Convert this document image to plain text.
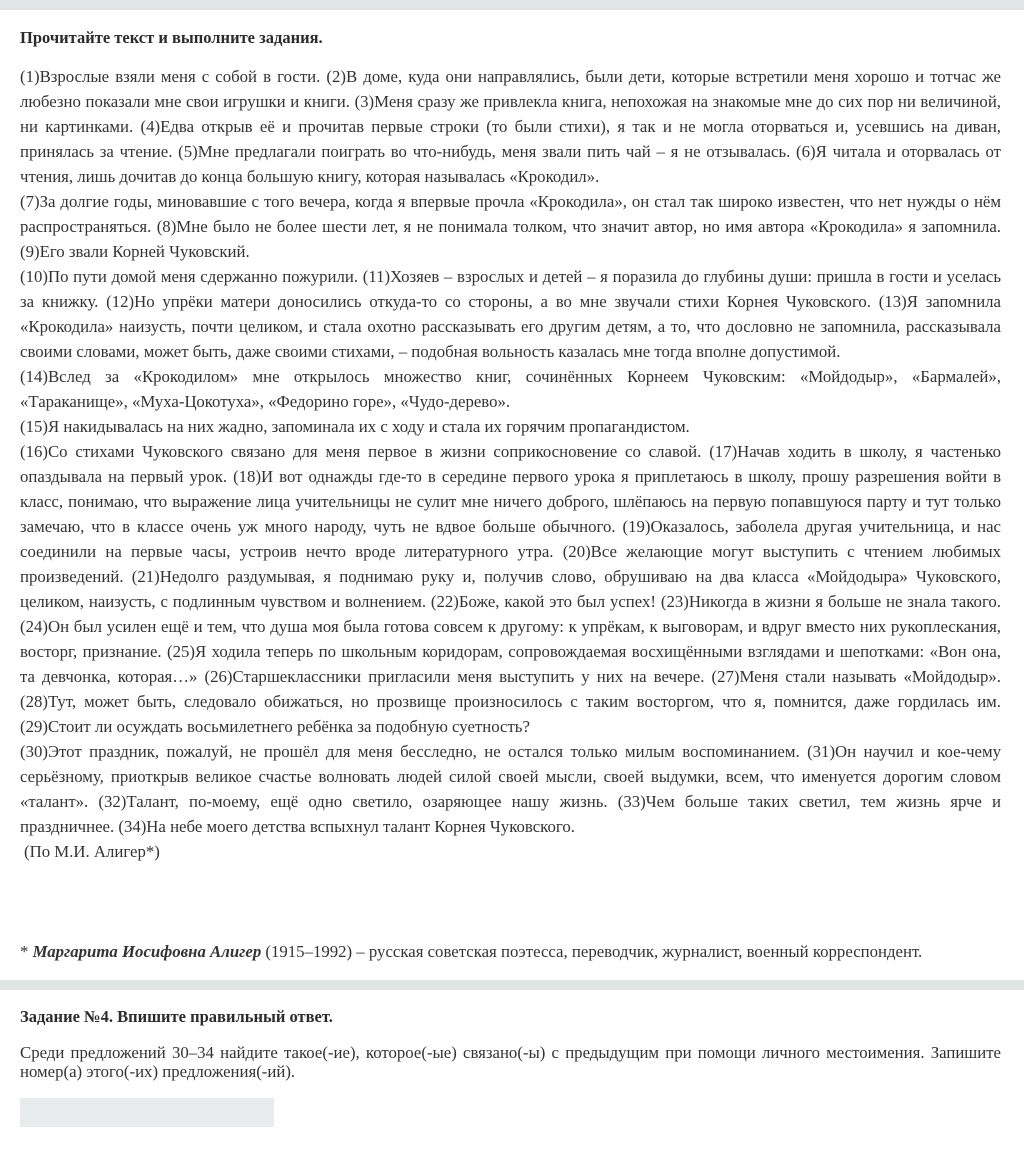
Прочитайте текст и выполните задания.

(1)Взрослые взяли меня с собой в гости. (2)В доме, куда они направлялись, были дети, которые встретили меня хорошо и тотчас же любезно показали мне свои игрушки и книги. (3)Меня сразу же привлекла книга, непохожая на знакомые мне до сих пор ни величиной, ни картинками. (4)Едва открыв её и прочитав первые строки (то были стихи), я так и не могла оторваться и, усевшись на диван, принялась за чтение. (5)Мне предлагали поиграть во что-нибудь, меня звали пить чай – я не отзывалась. (6)Я читала и оторвалась от чтения, лишь дочитав до конца большую книгу, которая называлась «Крокодил».

(7)За долгие годы, миновавшие с того вечера, когда я впервые прочла «Крокодила», он стал так широко известен, что нет нужды о нём распространяться. (8)Мне было не более шести лет, я не понимала толком, что значит автор, но имя автора «Крокодила» я запомнила. (9)Его звали Корней Чуковский.

(10)По пути домой меня сдержанно пожурили. (11)Хозяев – взрослых и детей – я поразила до глубины души: пришла в гости и уселась за книжку. (12)Но упрёки матери доносились откуда-то со стороны, а во мне звучали стихи Корнея Чуковского. (13)Я запомнила «Крокодила» наизусть, почти целиком, и стала охотно рассказывать его другим детям, а то, что дословно не запомнила, рассказывала своими словами, может быть, даже своими стихами, – подобная вольность казалась мне тогда вполне допустимой.

(14)Вслед за «Крокодилом» мне открылось множество книг, сочинённых Корнеем Чуковским: «Мойдодыр», «Бармалей», «Тараканище», «Муха-Цокотуха», «Федорино горе», «Чудо-дерево».

(15)Я накидывалась на них жадно, запоминала их с ходу и стала их горячим пропагандистом.

(16)Со стихами Чуковского связано для меня первое в жизни соприкосновение со славой. (17)Начав ходить в школу, я частенько опаздывала на первый урок. (18)И вот однажды где-то в середине первого урока я приплетаюсь в школу, прошу разрешения войти в класс, понимаю, что выражение лица учительницы не сулит мне ничего доброго, шлёпаюсь на первую попавшуюся парту и тут только замечаю, что в классе очень уж много народу, чуть не вдвое больше обычного. (19)Оказалось, заболела другая учительница, и нас соединили на первые часы, устроив нечто вроде литературного утра. (20)Все желающие могут выступить с чтением любимых произведений. (21)Недолго раздумывая, я поднимаю руку и, получив слово, обрушиваю на два класса «Мойдодыра» Чуковского, целиком, наизусть, с подлинным чувством и волнением. (22)Боже, какой это был успех! (23)Никогда в жизни я больше не знала такого. (24)Он был усилен ещё и тем, что душа моя была готова совсем к другому: к упрёкам, к выговорам, и вдруг вместо них рукоплескания, восторг, признание. (25)Я ходила теперь по школьным коридорам, сопровождаемая восхищёнными взглядами и шепотками: «Вон она, та девчонка, которая…» (26)Старшеклассники пригласили меня выступить у них на вечере. (27)Меня стали называть «Мойдодыр». (28)Тут, может быть, следовало обижаться, но прозвище произносилось с таким восторгом, что я, помнится, даже гордилась им. (29)Стоит ли осуждать восьмилетнего ребёнка за подобную суетность?

(30)Этот праздник, пожалуй, не прошёл для меня бесследно, не остался только милым воспоминанием. (31)Он научил и кое-чему серьёзному, приоткрыв великое счастье волновать людей силой своей мысли, своей выдумки, всем, что именуется дорогим словом «талант». (32)Талант, по-моему, ещё одно светило, озаряющее нашу жизнь. (33)Чем больше таких светил, тем жизнь ярче и праздничнее. (34)На небе моего детства вспыхнул талант Корнея Чуковского.

(По М.И. Алигер*)

* Маргарита Иосифовна Алигер (1915–1992) – русская советская поэтесса, переводчик, журналист, военный корреспондент.
Задание №4. Впишите правильный ответ.
Среди предложений 30–34 найдите такое(-ие), которое(-ые) связано(-ы) с предыдущим при помощи личного местоимения. Запишите номер(а) этого(-их) предложения(-ий).
